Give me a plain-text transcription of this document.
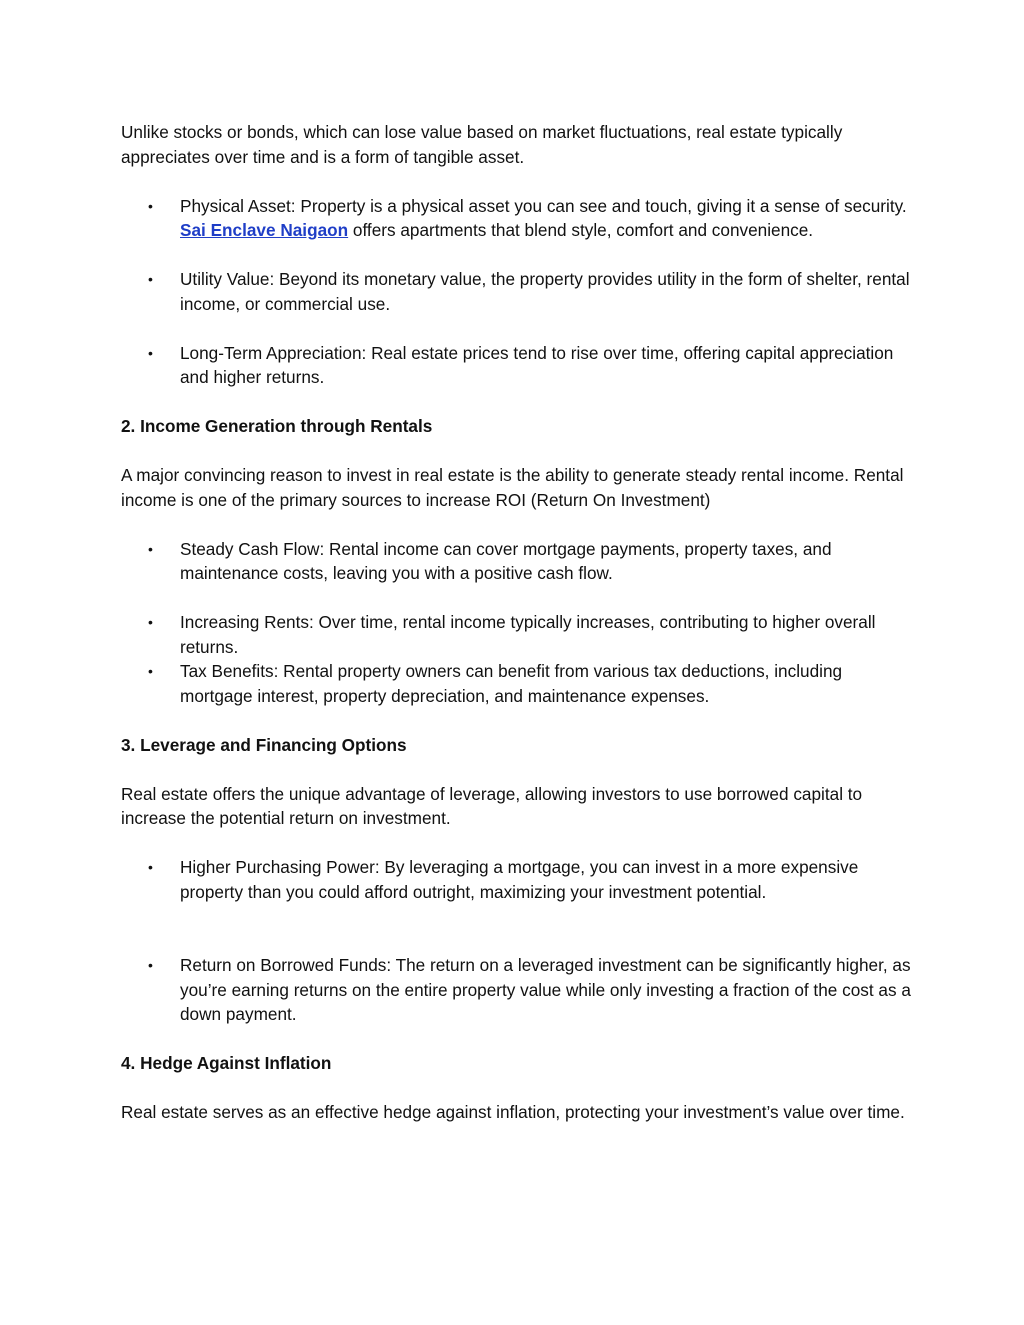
Unlike stocks or bonds, which can lose value based on market fluctuations, real estate typically appreciates over time and is a form of tangible asset.

• Physical Asset: Property is a physical asset you can see and touch, giving it a sense of security. Sai Enclave Naigaon offers apartments that blend style, comfort and convenience.
• Utility Value: Beyond its monetary value, the property provides utility in the form of shelter, rental income, or commercial use.
• Long-Term Appreciation: Real estate prices tend to rise over time, offering capital appreciation and higher returns.

2. Income Generation through Rentals

A major convincing reason to invest in real estate is the ability to generate steady rental income. Rental income is one of the primary sources to increase ROI (Return On Investment)

• Steady Cash Flow: Rental income can cover mortgage payments, property taxes, and maintenance costs, leaving you with a positive cash flow.
• Increasing Rents: Over time, rental income typically increases, contributing to higher overall returns.
• Tax Benefits: Rental property owners can benefit from various tax deductions, including mortgage interest, property depreciation, and maintenance expenses.

3. Leverage and Financing Options

Real estate offers the unique advantage of leverage, allowing investors to use borrowed capital to increase the potential return on investment.

• Higher Purchasing Power: By leveraging a mortgage, you can invest in a more expensive property than you could afford outright, maximizing your investment potential.
• Return on Borrowed Funds: The return on a leveraged investment can be significantly higher, as you’re earning returns on the entire property value while only investing a fraction of the cost as a down payment.

4. Hedge Against Inflation

Real estate serves as an effective hedge against inflation, protecting your investment’s value over time.
